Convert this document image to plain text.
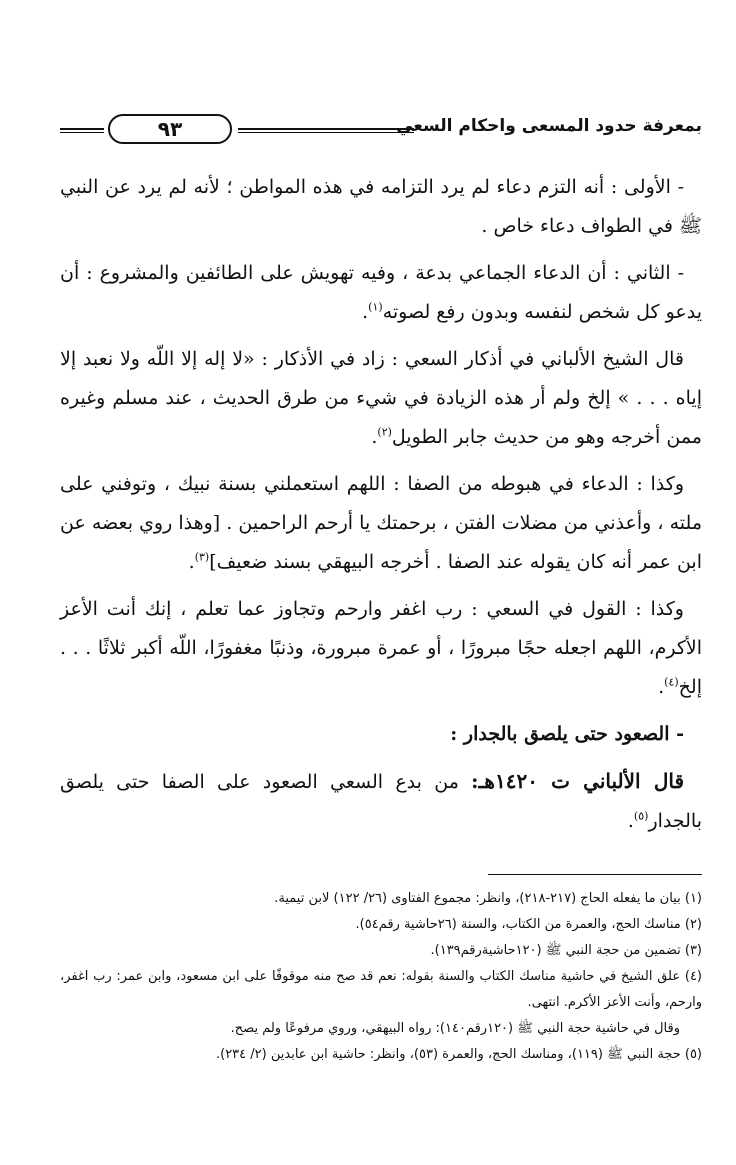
٩٣	بمعرفة حدود المسعى واحكام السعي

- الأولى : أنه التزم دعاء لم يرد التزامه في هذه المواطن ؛ لأنه لم يرد عن النبي ﷺ في الطواف دعاء خاص .

- الثاني : أن الدعاء الجماعي بدعة ، وفيه تهويش على الطائفين والمشروع : أن يدعو كل شخص لنفسه وبدون رفع لصوته$^{(١)}$.

قال الشيخ الألباني في أذكار السعي : زاد في الأذكار : «لا إله إلا اللّه ولا نعبد إلا إياه . . . » إلخ ولم أر هذه الزيادة في شيء من طرق الحديث ، عند مسلم وغيره ممن أخرجه وهو من حديث جابر الطويل$^{(٢)}$.

وكذا : الدعاء في هبوطه من الصفا : اللهم استعملني بسنة نبيك ، وتوفني على ملته ، وأعذني من مضلات الفتن ، برحمتك يا أرحم الراحمين . [وهذا روي بعضه عن ابن عمر أنه كان يقوله عند الصفا . أخرجه البيهقي بسند ضعيف]$^{(٣)}$.

وكذا : القول في السعي : رب اغفر وارحم وتجاوز عما تعلم ، إنك أنت الأعز الأكرم، اللهم اجعله حجًا مبرورًا ، أو عمرة مبرورة، وذنبًا مغفورًا، اللّه أكبر ثلاثًا . . . إلخ$^{(٤)}$.

- الصعود حتى يلصق بالجدار :

قال الألباني ت ١٤٢٠هـ: من بدع السعي الصعود على الصفا حتى يلصق بالجدار$^{(٥)}$.

(١) بيان ما يفعله الحاج (٢١٧-٢١٨)، وانظر: مجموع الفتاوى (٢٦/ ١٢٢) لابن تيمية.

(٢) مناسك الحج، والعمرة من الكتاب، والسنة (٢٦حاشية رقم٥٤).

(٣) تضمين من حجة النبي ﷺ (١٢٠حاشيةرقم١٣٩).

(٤) علق الشيخ في حاشية مناسك الكتاب والسنة بقوله: نعم قد صح منه موقوفًا على ابن مسعود، وابن عمر: رب اغفر، وارحم، وأنت الأعز الأكرم. انتهى.

وقال في حاشية حجة النبي ﷺ (١٢٠رقم١٤٠): رواه البيهقي، وروي مرفوعًا ولم يصح.

(٥) حجة النبي ﷺ (١١٩)، ومناسك الحج، والعمرة (٥٣)، وانظر: حاشية ابن عابدين (٢/ ٢٣٤).
